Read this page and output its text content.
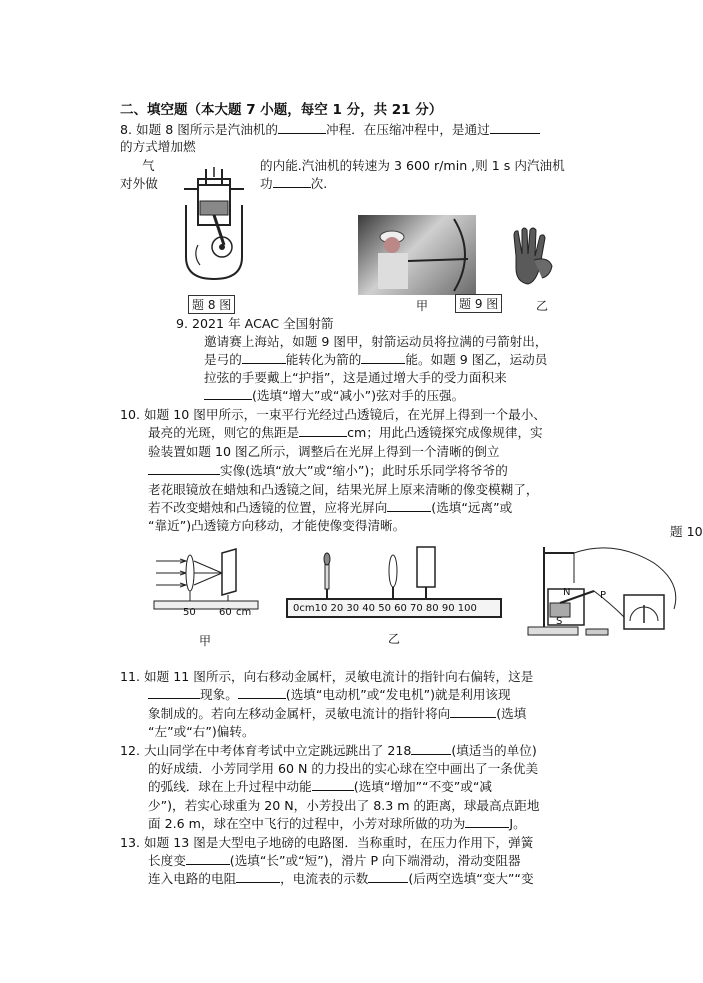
二、填空题（本大题 7 小题，每空 1 分，共 21 分）
8. 如题 8 图所示是汽油机的	冲程．在压缩冲程中，是通过
的方式增加燃
气	的内能.汽油机的转速为 3 600 r/min ,则 1 s 内汽油机
对外做	功	次.
题 8 图	甲	题 9 图	乙
9. 2021 年 ACAC 全国射箭
邀请赛上海站，如题 9 图甲，射箭运动员将拉满的弓箭射出，
是弓的	能转化为箭的	能。如题 9 图乙，运动员
拉弦的手要戴上“护指”，这是通过增大手的受力面积来
(选填“增大”或“减小”)弦对手的压强。
10. 如题 10 图甲所示，一束平行光经过凸透镜后，在光屏上得到一个最小、
最亮的光斑，则它的焦距是	cm；用此凸透镜探究成像规律，实
验装置如题 10 图乙所示，调整后在光屏上得到一个清晰的倒立
实像(选填“放大”或“缩小”)；此时乐乐同学将爷爷的
老花眼镜放在蜡烛和凸透镜之间，结果光屏上原来清晰的像变模糊了，
若不改变蜡烛和凸透镜的位置，应将光屏向	(选填“远离”或
“靠近”)凸透镜方向移动，才能使像变得清晰。	题 10
50 60 cm
甲
0cm10 20 30 40 50 60 70 80 90 100
乙
N
S
P
11. 如题 11 图所示，向右移动金属杆，灵敏电流计的指针向右偏转，这是
现象。	(选填“电动机”或“发电机”)就是利用该现
象制成的。若向左移动金属杆，灵敏电流计的指针将向	(选填
“左”或“右”)偏转。
12. 大山同学在中考体育考试中立定跳远跳出了 218	(填适当的单位)
的好成绩．小芳同学用 60 N 的力投出的实心球在空中画出了一条优美
的弧线．球在上升过程中动能	(选填“增加”“不变”或“减
少”)，若实心球重为 20 N，小芳投出了 8.3 m 的距离，球最高点距地
面 2.6 m，球在空中飞行的过程中，小芳对球所做的功为	J。
13. 如题 13 图是大型电子地磅的电路图．当称重时，在压力作用下，弹簧
长度变	(选填“长”或“短”)，滑片 P 向下端滑动，滑动变阻器
连入电路的电阻	，电流表的示数	(后两空选填“变大”“变
